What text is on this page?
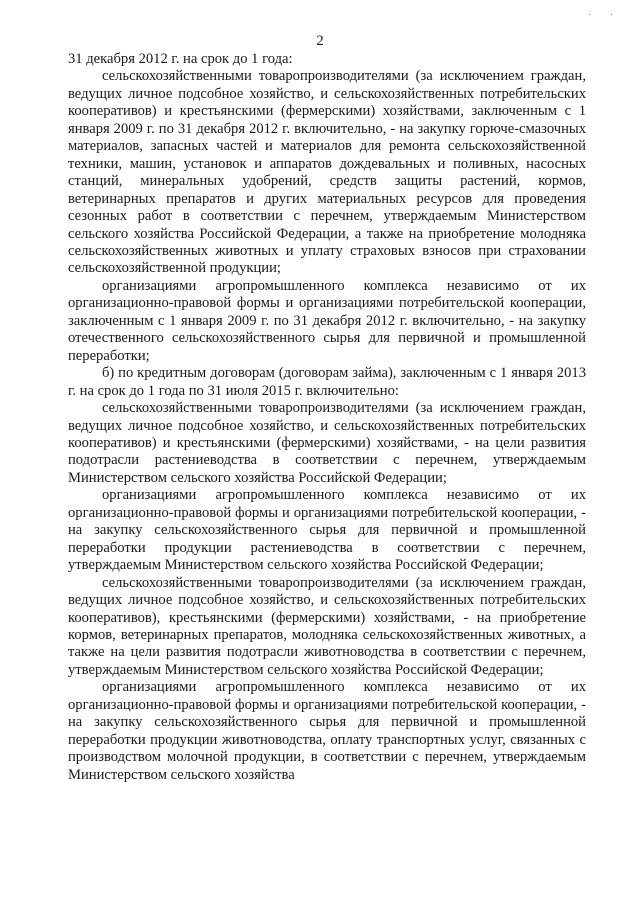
· ·
2

31 декабря 2012 г. на срок до 1 года:

сельскохозяйственными товаропроизводителями (за исключением граждан, ведущих личное подсобное хозяйство, и сельскохозяйственных потребительских кооперативов) и крестьянскими (фермерскими) хозяйствами, заключенным с 1 января 2009 г. по 31 декабря 2012 г. включительно, - на закупку горюче-смазочных материалов, запасных частей и материалов для ремонта сельскохозяйственной техники, машин, установок и аппаратов дождевальных и поливных, насосных станций, минеральных удобрений, средств защиты растений, кормов, ветеринарных препаратов и других материальных ресурсов для проведения сезонных работ в соответствии с перечнем, утверждаемым Министерством сельского хозяйства Российской Федерации, а также на приобретение молодняка сельскохозяйственных животных и уплату страховых взносов при страховании сельскохозяйственной продукции;

организациями агропромышленного комплекса независимо от их организационно-правовой формы и организациями потребительской кооперации, заключенным с 1 января 2009 г. по 31 декабря 2012 г. включительно, - на закупку отечественного сельскохозяйственного сырья для первичной и промышленной переработки;

б) по кредитным договорам (договорам займа), заключенным с 1 января 2013 г. на срок до 1 года по 31 июля 2015 г. включительно:

сельскохозяйственными товаропроизводителями (за исключением граждан, ведущих личное подсобное хозяйство, и сельскохозяйственных потребительских кооперативов) и крестьянскими (фермерскими) хозяйствами, - на цели развития подотрасли растениеводства в соответствии с перечнем, утверждаемым Министерством сельского хозяйства Российской Федерации;

организациями агропромышленного комплекса независимо от их организационно-правовой формы и организациями потребительской кооперации, - на закупку сельскохозяйственного сырья для первичной и промышленной переработки продукции растениеводства в соответствии с перечнем, утверждаемым Министерством сельского хозяйства Российской Федерации;

сельскохозяйственными товаропроизводителями (за исключением граждан, ведущих личное подсобное хозяйство, и сельскохозяйственных потребительских кооперативов), крестьянскими (фермерскими) хозяйствами, - на приобретение кормов, ветеринарных препаратов, молодняка сельскохозяйственных животных, а также на цели развития подотрасли животноводства в соответствии с перечнем, утверждаемым Министерством сельского хозяйства Российской Федерации;

организациями агропромышленного комплекса независимо от их организационно-правовой формы и организациями потребительской кооперации, - на закупку сельскохозяйственного сырья для первичной и промышленной переработки продукции животноводства, оплату транспортных услуг, связанных с производством молочной продукции, в соответствии с перечнем, утверждаемым Министерством сельского хозяйства
